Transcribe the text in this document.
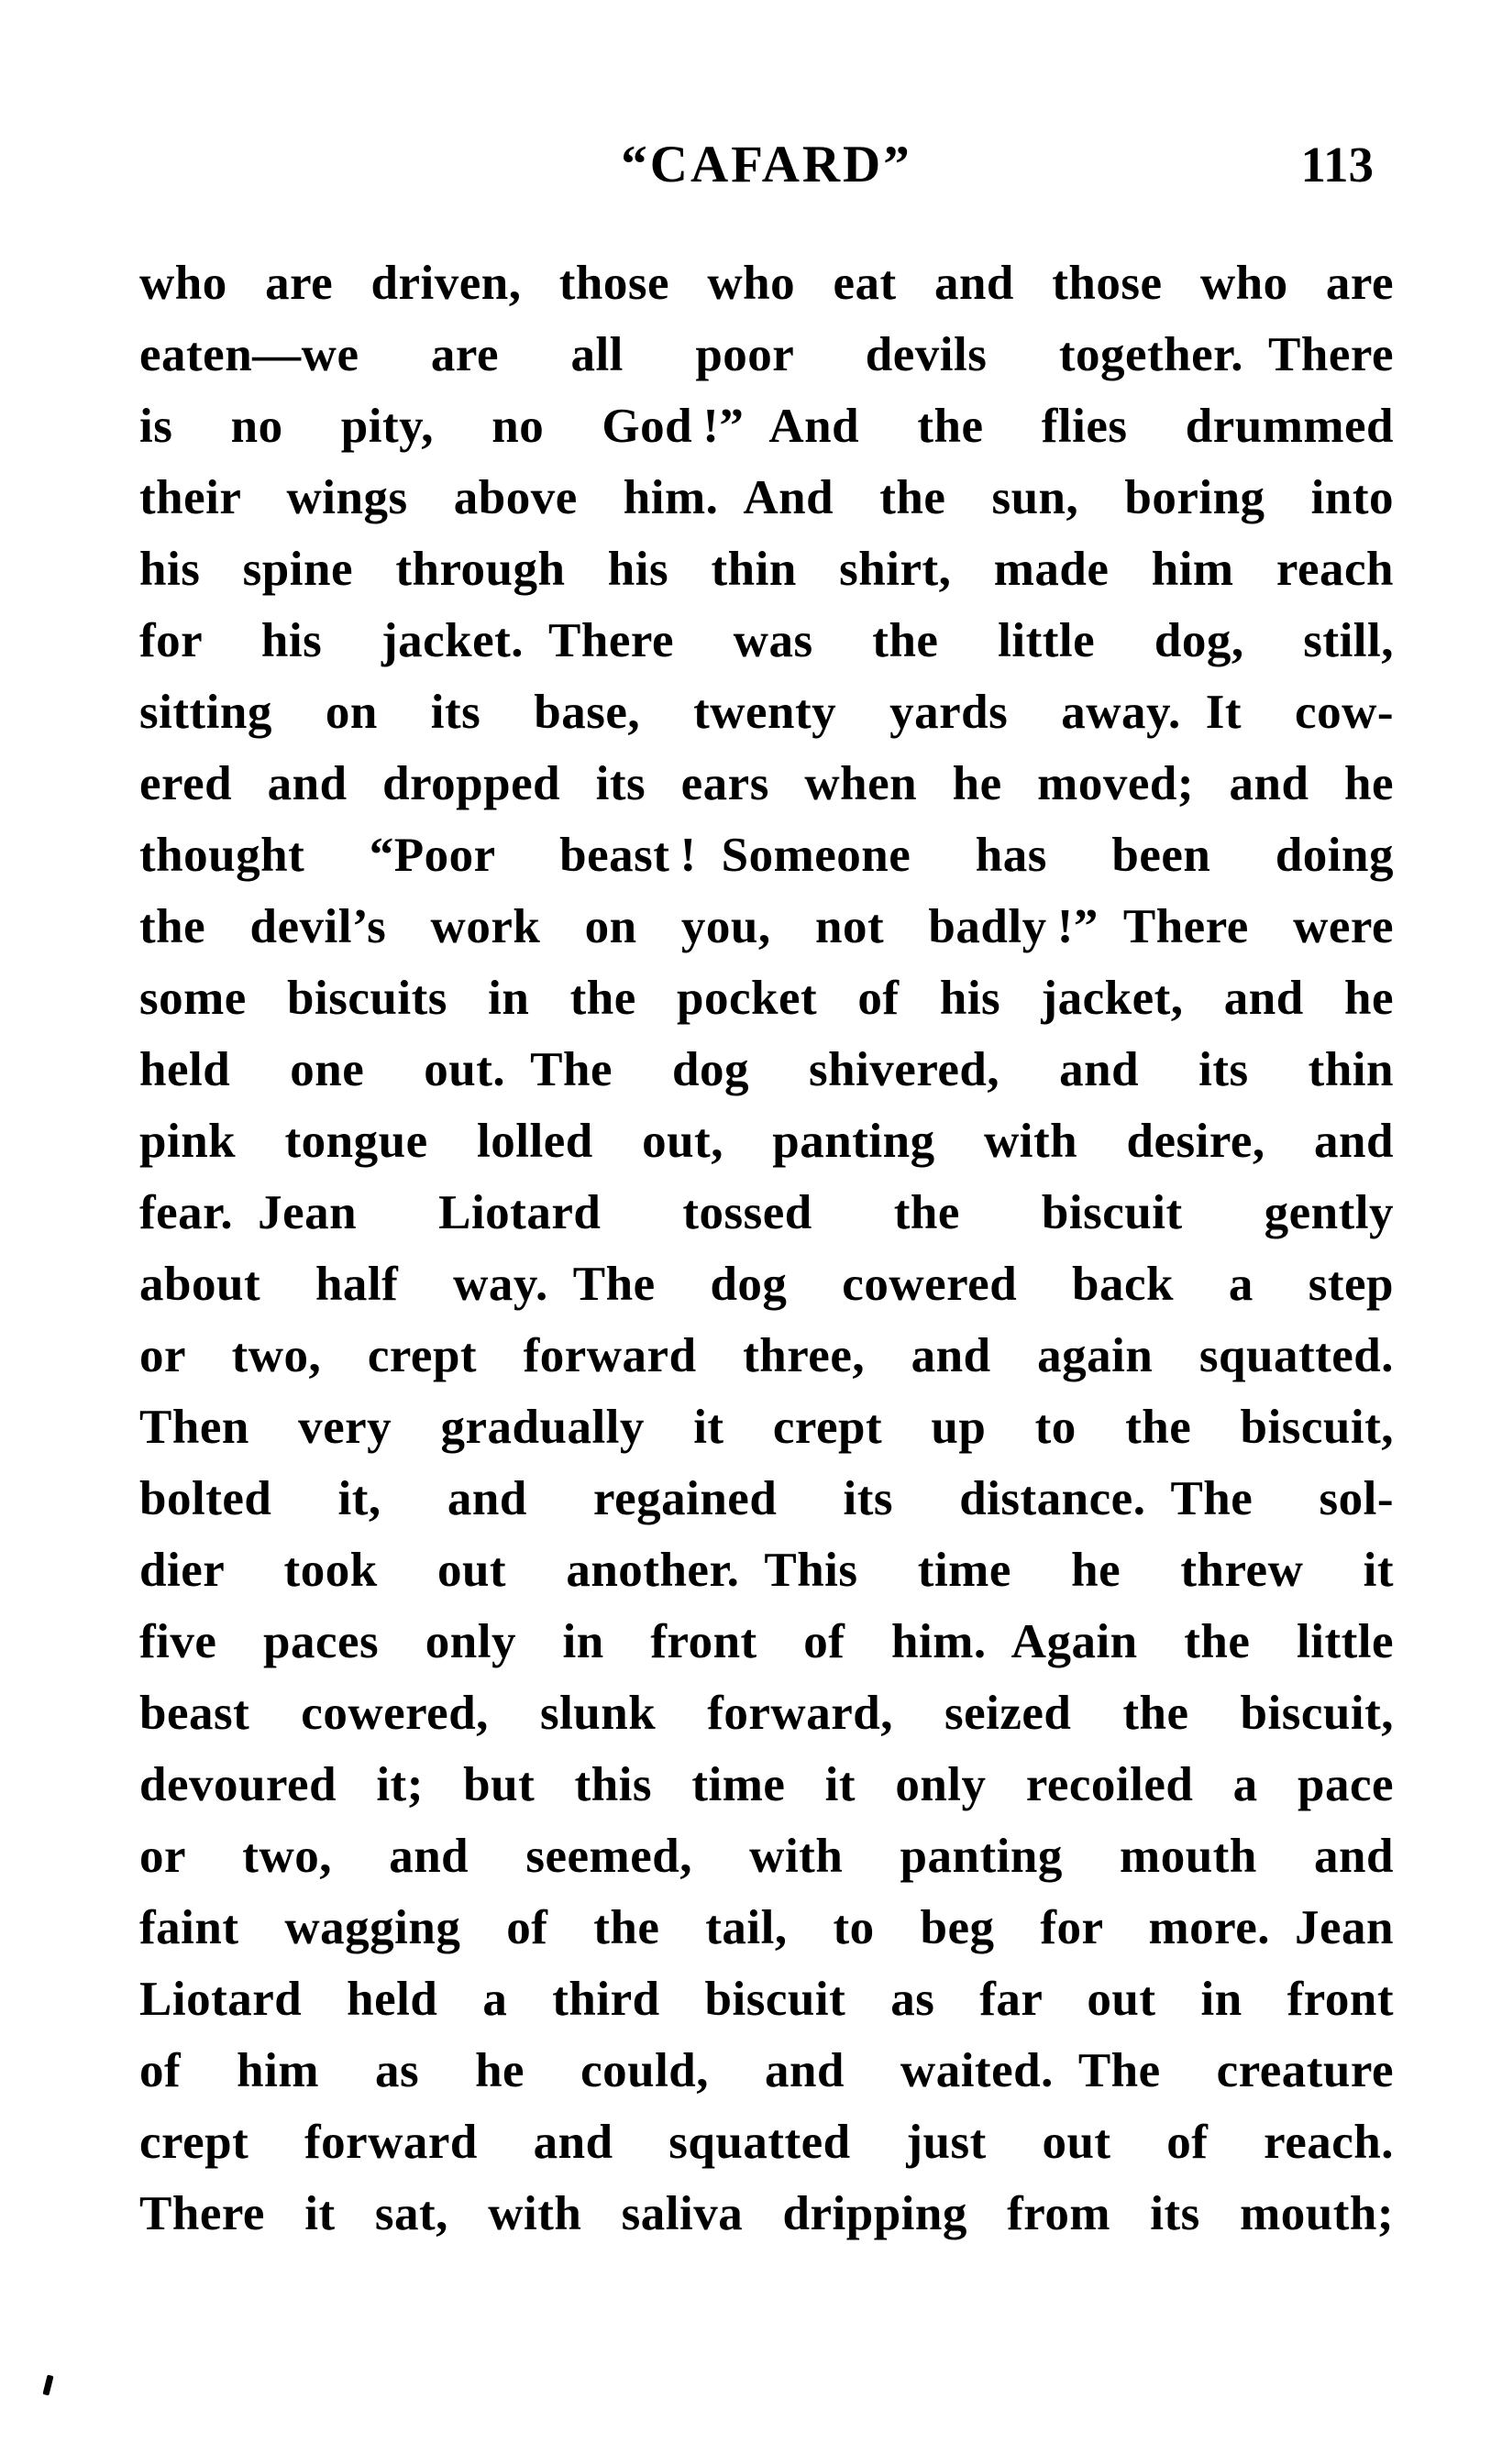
“CAFARD”	113
who are driven, those who eat and those who are
eaten—we are all poor devils together. There
is no pity, no God !” And the flies drummed
their wings above him. And the sun, boring into
his spine through his thin shirt, made him reach
for his jacket. There was the little dog, still,
sitting on its base, twenty yards away. It cow-
ered and dropped its ears when he moved; and he
thought “Poor beast ! Someone has been doing
the devil’s work on you, not badly !” There were
some biscuits in the pocket of his jacket, and he
held one out. The dog shivered, and its thin
pink tongue lolled out, panting with desire, and
fear. Jean Liotard tossed the biscuit gently
about half way. The dog cowered back a step
or two, crept forward three, and again squatted.
Then very gradually it crept up to the biscuit,
bolted it, and regained its distance. The sol-
dier took out another. This time he threw it
five paces only in front of him. Again the little
beast cowered, slunk forward, seized the biscuit,
devoured it; but this time it only recoiled a pace
or two, and seemed, with panting mouth and
faint wagging of the tail, to beg for more. Jean
Liotard held a third biscuit as far out in front
of him as he could, and waited. The creature
crept forward and squatted just out of reach.
There it sat, with saliva dripping from its mouth;
